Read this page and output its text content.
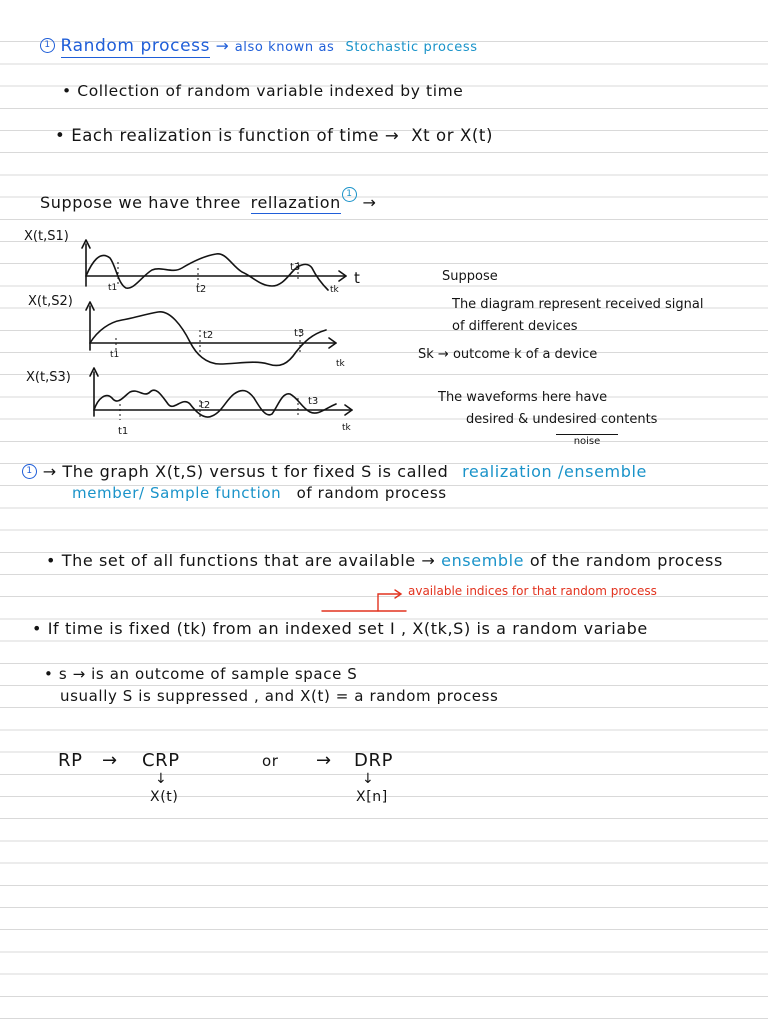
1 Random process → also known as Stochastic process
• Collection of random variable indexed by time
• Each realization is function of time → Xt or X(t)
Suppose we have three rellazation 1 →
X(t,S1)
X(t,S2)
X(t,S3)
t
t1	t2
t3
tk
t1
t2	t3
tk
t1
t2	t3
tk
Suppose
The diagram represent received signal
of different devices
Sk → outcome k of a device
The waveforms here have
desired & undesired contents
noise
1 → The graph X(t,S) versus t for fixed S is called realization /ensemble
member/ Sample function of random process
• The set of all functions that are available → ensemble of the random process
available indices for that random process
• If time is fixed (tk) from an indexed set I , X(tk,S) is a random variabe
• s → is an outcome of sample space S
usually S is suppressed , and X(t) = a random process
RP → CRP	or → DRP
↓	↓
X(t)	X[n]
